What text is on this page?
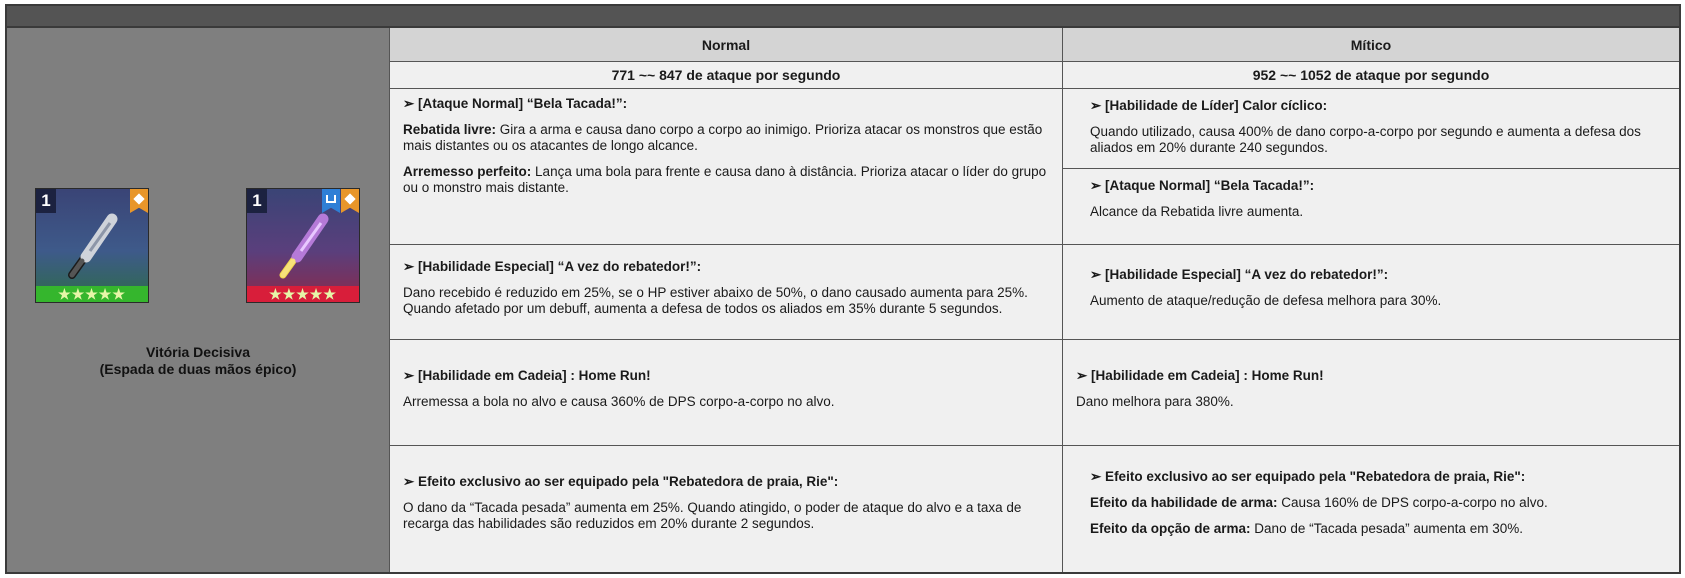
1
★★★★★
1
★★★★★
Vitória Decisiva
(Espada de duas mãos épico)
Normal	Mítico
771 ~~ 847 de ataque por segundo	952 ~~ 1052 de ataque por segundo

➢ [Ataque Normal] “Bela Tacada!”:

Rebatida livre: Gira a arma e causa dano corpo a corpo ao inimigo. Prioriza atacar os monstros que estão mais distantes ou os atacantes de longo alcance.

Arremesso perfeito: Lança uma bola para frente e causa dano à distância. Prioriza atacar o líder do grupo ou o monstro mais distante.

➢ [Habilidade de Líder] Calor cíclico:

Quando utilizado, causa 400% de dano corpo-a-corpo por segundo e aumenta a defesa dos aliados em 20% durante 240 segundos.

➢ [Ataque Normal] “Bela Tacada!”:

Alcance da Rebatida livre aumenta.

➢ [Habilidade Especial] “A vez do rebatedor!”:

Dano recebido é reduzido em 25%, se o HP estiver abaixo de 50%, o dano causado aumenta para 25%. Quando afetado por um debuff, aumenta a defesa de todos os aliados em 35% durante 5 segundos.

➢ [Habilidade Especial] “A vez do rebatedor!”:

Aumento de ataque/redução de defesa melhora para 30%.

➢ [Habilidade em Cadeia] : Home Run!

Arremessa a bola no alvo e causa 360% de DPS corpo-a-corpo no alvo.

➢ [Habilidade em Cadeia] : Home Run!

Dano melhora para 380%.

➢ Efeito exclusivo ao ser equipado pela "Rebatedora de praia, Rie":

O dano da “Tacada pesada” aumenta em 25%. Quando atingido, o poder de ataque do alvo e a taxa de recarga das habilidades são reduzidos em 20% durante 2 segundos.

➢ Efeito exclusivo ao ser equipado pela "Rebatedora de praia, Rie":

Efeito da habilidade de arma: Causa 160% de DPS corpo-a-corpo no alvo.

Efeito da opção de arma: Dano de “Tacada pesada” aumenta em 30%.
